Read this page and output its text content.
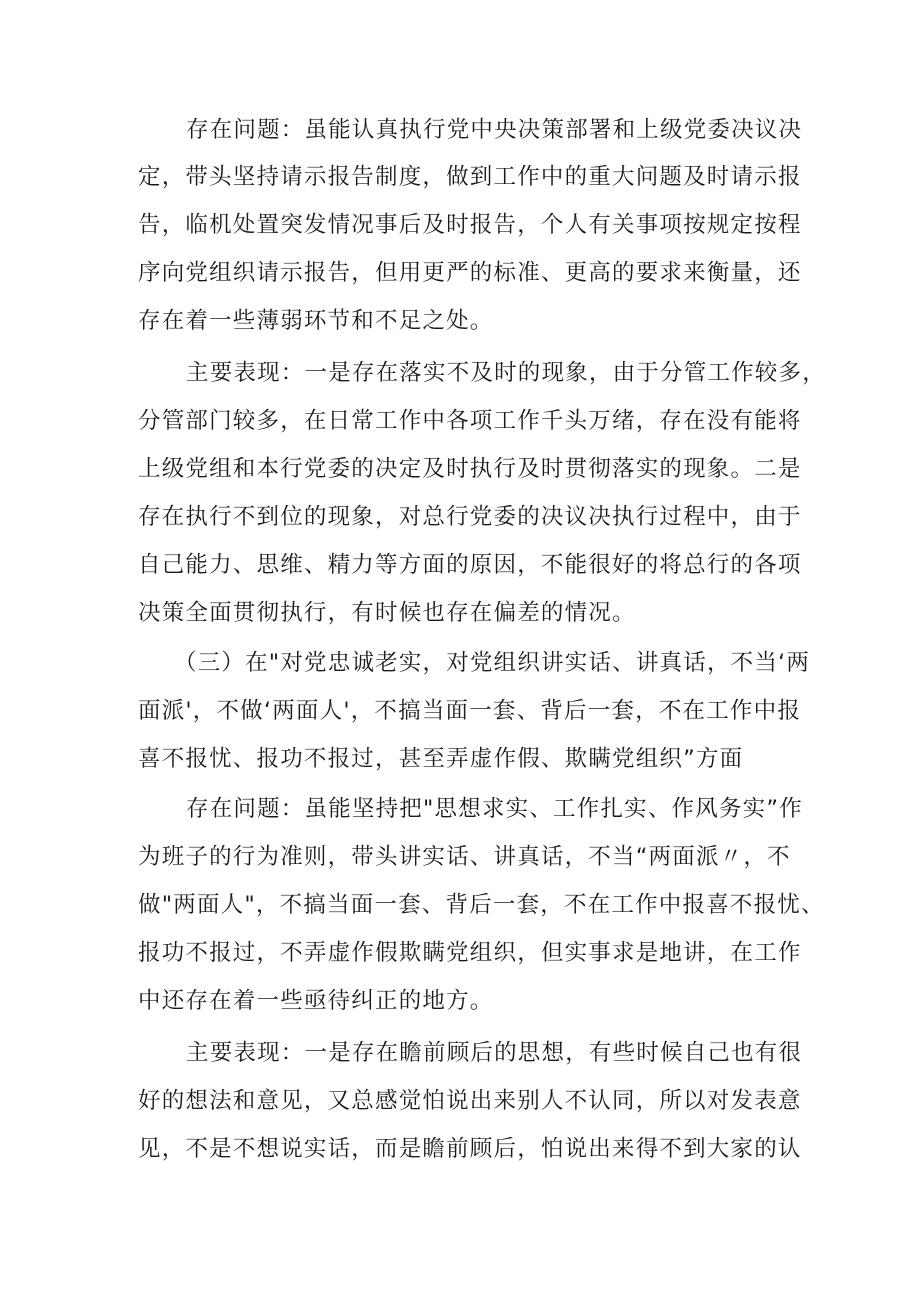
存在问题：虽能认真执行党中央决策部署和上级党委决议决
定，带头坚持请示报告制度，做到工作中的重大问题及时请示报
告，临机处置突发情况事后及时报告，个人有关事项按规定按程
序向党组织请示报告，但用更严的标准、更高的要求来衡量，还
存在着一些薄弱环节和不足之处。
主要表现：一是存在落实不及时的现象，由于分管工作较多，
分管部门较多，在日常工作中各项工作千头万绪，存在没有能将
上级党组和本行党委的决定及时执行及时贯彻落实的现象。二是
存在执行不到位的现象，对总行党委的决议决执行过程中，由于
自己能力、思维、精力等方面的原因，不能很好的将总行的各项
决策全面贯彻执行，有时候也存在偏差的情况。
（三）在"对党忠诚老实，对党组织讲实话、讲真话，不当‘两
面派'，不做‘两面人'，不搞当面一套、背后一套，不在工作中报
喜不报忧、报功不报过，甚至弄虚作假、欺瞒党组织”方面
存在问题：虽能坚持把"思想求实、工作扎实、作风务实”作
为班子的行为准则，带头讲实话、讲真话，不当“两面派〃，不
做"两面人"，不搞当面一套、背后一套，不在工作中报喜不报忧、
报功不报过，不弄虚作假欺瞒党组织，但实事求是地讲，在工作
中还存在着一些亟待纠正的地方。
主要表现：一是存在瞻前顾后的思想，有些时候自己也有很
好的想法和意见，又总感觉怕说出来别人不认同，所以对发表意
见，不是不想说实话，而是瞻前顾后，怕说出来得不到大家的认
